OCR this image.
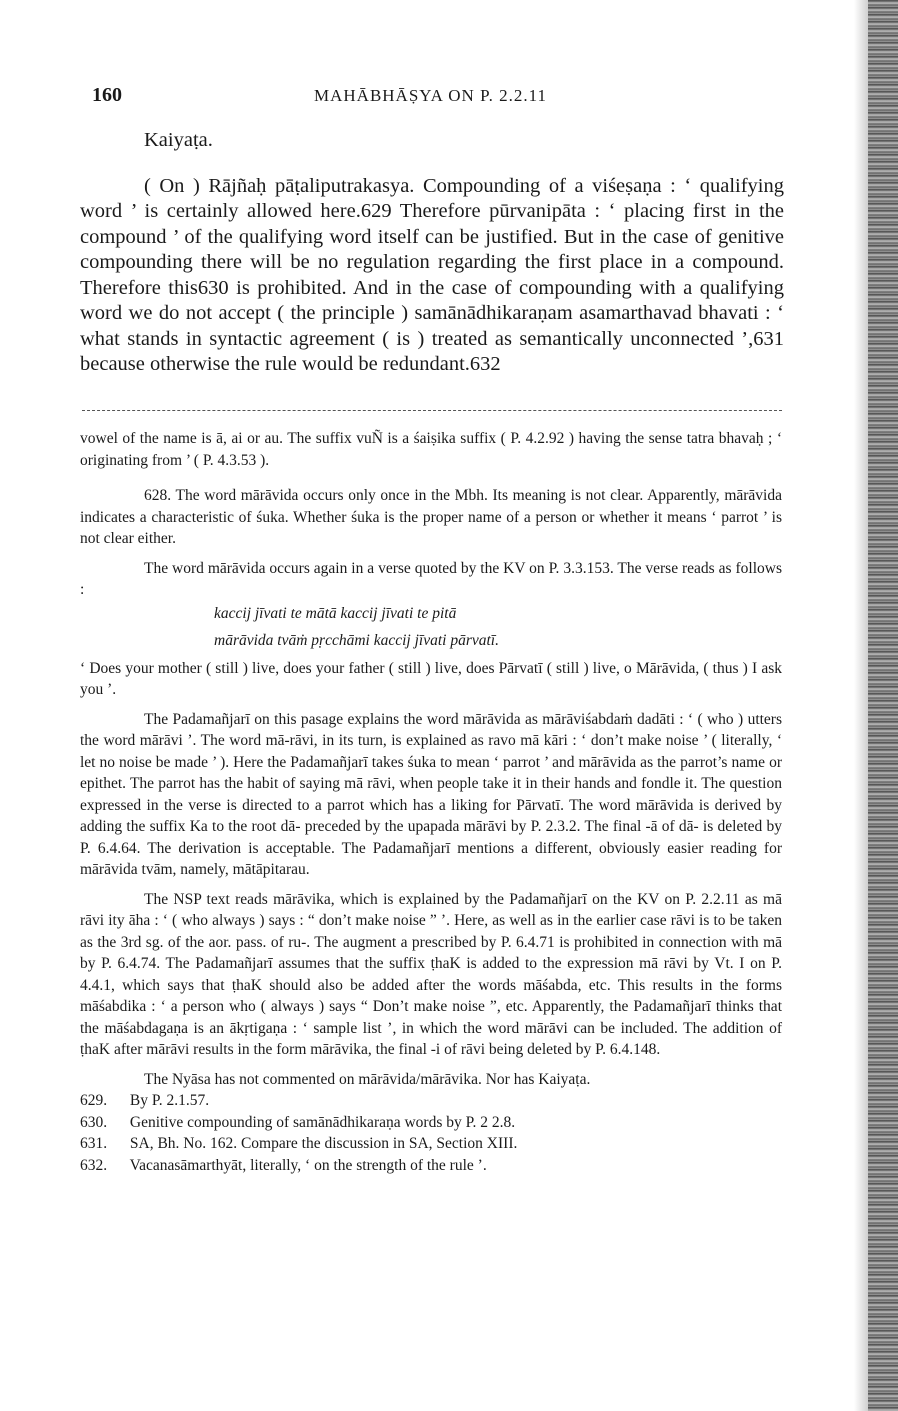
160	MAHĀBHĀṢYA ON P. 2.2.11

Kaiyaṭa.

( On ) Rājñaḥ pāṭaliputrakasya. Compounding of a viśeṣaṇa : ‘ qualifying word ’ is certainly allowed here.629 Therefore pūrvanipāta : ‘ placing first in the compound ’ of the qualifying word itself can be justified. But in the case of genitive compounding there will be no regulation regarding the first place in a compound. Therefore this630 is prohibited. And in the case of compounding with a qualifying word we do not accept ( the principle ) samānādhikaraṇam asamarthavad bhavati : ‘ what stands in syntactic agreement ( is ) treated as semantically unconnected ’,631 because otherwise the rule would be redundant.632

vowel of the name is ā, ai or au. The suffix vuÑ is a śaiṣika suffix ( P. 4.2.92 ) having the sense tatra bhavaḥ ; ‘ originating from ’ ( P. 4.3.53 ).

628. The word mārāvida occurs only once in the Mbh. Its meaning is not clear. Apparently, mārāvida indicates a characteristic of śuka. Whether śuka is the proper name of a person or whether it means ‘ parrot ’ is not clear either.

The word mārāvida occurs again in a verse quoted by the KV on P. 3.3.153. The verse reads as follows :

kaccij jīvati te mātā kaccij jīvati te pitā
mārāvida tvāṁ pṛcchāmi kaccij jīvati pārvatī.

‘ Does your mother ( still ) live, does your father ( still ) live, does Pārvatī ( still ) live, o Mārāvida, ( thus ) I ask you ’.

The Padamañjarī on this pasage explains the word mārāvida as mārāviśabdaṁ dadāti : ‘ ( who ) utters the word mārāvi ’. The word mā-rāvi, in its turn, is explained as ravo mā kāri : ‘ don’t make noise ’ ( literally, ‘ let no noise be made ’ ). Here the Padamañjarī takes śuka to mean ‘ parrot ’ and mārāvida as the parrot’s name or epithet. The parrot has the habit of saying mā rāvi, when people take it in their hands and fondle it. The question expressed in the verse is directed to a parrot which has a liking for Pārvatī. The word mārāvida is derived by adding the suffix Ka to the root dā- preceded by the upapada mārāvi by P. 2.3.2. The final -ā of dā- is deleted by P. 6.4.64. The derivation is acceptable. The Padamañjarī mentions a different, obviously easier reading for mārāvida tvām, namely, mātāpitarau.

The NSP text reads mārāvika, which is explained by the Padamañjarī on the KV on P. 2.2.11 as mā rāvi ity āha : ‘ ( who always ) says : “ don’t make noise ” ’. Here, as well as in the earlier case rāvi is to be taken as the 3rd sg. of the aor. pass. of ru-. The augment a prescribed by P. 6.4.71 is prohibited in connection with mā by P. 6.4.74. The Padamañjarī assumes that the suffix ṭhaK is added to the expression mā rāvi by Vt. I on P. 4.4.1, which says that ṭhaK should also be added after the words māśabda, etc. This results in the forms māśabdika : ‘ a person who ( always ) says “ Don’t make noise ”, etc. Apparently, the Padamañjarī thinks that the māśabdagaṇa is an ākṛtigaṇa : ‘ sample list ’, in which the word mārāvi can be included. The addition of ṭhaK after mārāvi results in the form mārāvika, the final -i of rāvi being deleted by P. 6.4.148.

The Nyāsa has not commented on mārāvida/mārāvika. Nor has Kaiyaṭa.

629. By P. 2.1.57.

630. Genitive compounding of samānādhikaraṇa words by P. 2 2.8.

631. SA, Bh. No. 162. Compare the discussion in SA, Section XIII.

632. Vacanasāmarthyāt, literally, ‘ on the strength of the rule ’.
